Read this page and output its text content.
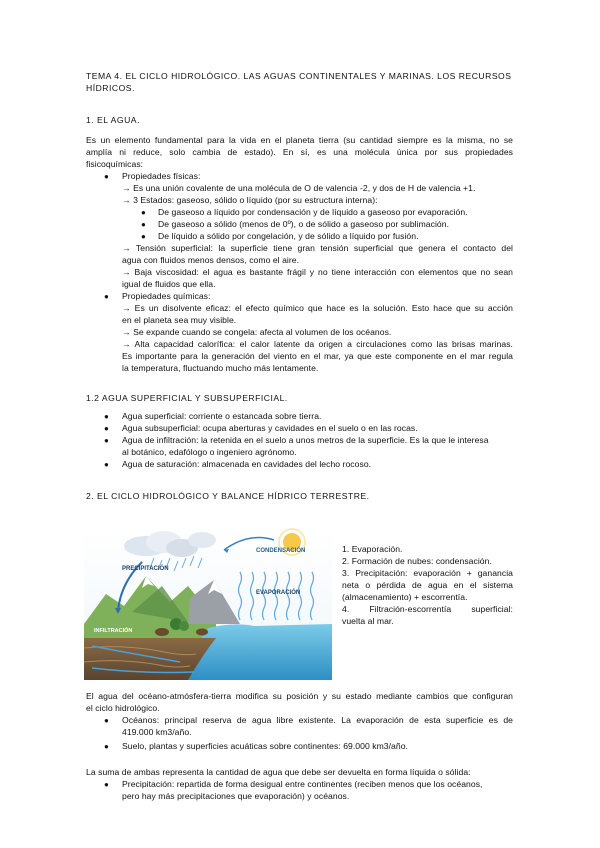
TEMA 4. EL CICLO HIDROLÓGICO. LAS AGUAS CONTINENTALES Y MARINAS. LOS RECURSOS
HÍDRICOS.
1. EL AGUA.
Es un elemento fundamental para la vida en el planeta tierra (su cantidad siempre es la misma, no se
amplía ni reduce, solo cambia de estado). En sí, es una molécula única por sus propiedades
fisicoquímicas:
● Propiedades físicas:
→ Es una unión covalente de una molécula de O de valencia -2, y dos de H de valencia +1.
→ 3 Estados: gaseoso, sólido o líquido (por su estructura interna):
● De gaseoso a líquido por condensación y de líquido a gaseoso por evaporación.
● De gaseoso a sólido (menos de 0º), o de sólido a gaseoso por sublimación.
● De líquido a sólido por congelación, y de sólido a líquido por fusión.
→ Tensión superficial: la superficie tiene gran tensión superficial que genera el contacto del
agua con fluidos menos densos, como el aire.
→ Baja viscosidad: el agua es bastante frágil y no tiene interacción con elementos que no sean
igual de fluidos que ella.
● Propiedades químicas:
→ Es un disolvente eficaz: el efecto químico que hace es la solución. Esto hace que su acción
en el planeta sea muy visible.
→ Se expande cuando se congela: afecta al volumen de los océanos.
→ Alta capacidad calorífica: el calor latente da origen a circulaciones como las brisas marinas.
Es importante para la generación del viento en el mar, ya que este componente en el mar regula
la temperatura, fluctuando mucho más lentamente.
1.2 AGUA SUPERFICIAL Y SUBSUPERFICIAL.
● Agua superficial: corriente o estancada sobre tierra.
● Agua subsuperficial: ocupa aberturas y cavidades en el suelo o en las rocas.
● Agua de infiltración: la retenida en el suelo a unos metros de la superficie. Es la que le interesa
al botánico, edafólogo o ingeniero agrónomo.
● Agua de saturación: almacenada en cavidades del lecho rocoso.
2. EL CICLO HIDROLÓGICO Y BALANCE HÍDRICO TERRESTRE.
CONDENSACIÓN
PRECIPITACIÓN
EVAPORACIÓN
INFILTRACIÓN
1. Evaporación.
2. Formación de nubes: condensación.
3. Precipitación: evaporación + ganancia
neta o pérdida de agua en el sistema
(almacenamiento) + escorrentía.
4. Filtración-escorrentía superficial:
vuelta al mar.
El agua del océano-atmósfera-tierra modifica su posición y su estado mediante cambios que configuran
el ciclo hidrológico.
● Océanos: principal reserva de agua libre existente. La evaporación de esta superficie es de
419.000 km3/año.
● Suelo, plantas y superficies acuáticas sobre continentes: 69.000 km3/año.
La suma de ambas representa la cantidad de agua que debe ser devuelta en forma líquida o sólida:
● Precipitación: repartida de forma desigual entre continentes (reciben menos que los océanos,
pero hay más precipitaciones que evaporación) y océanos.
